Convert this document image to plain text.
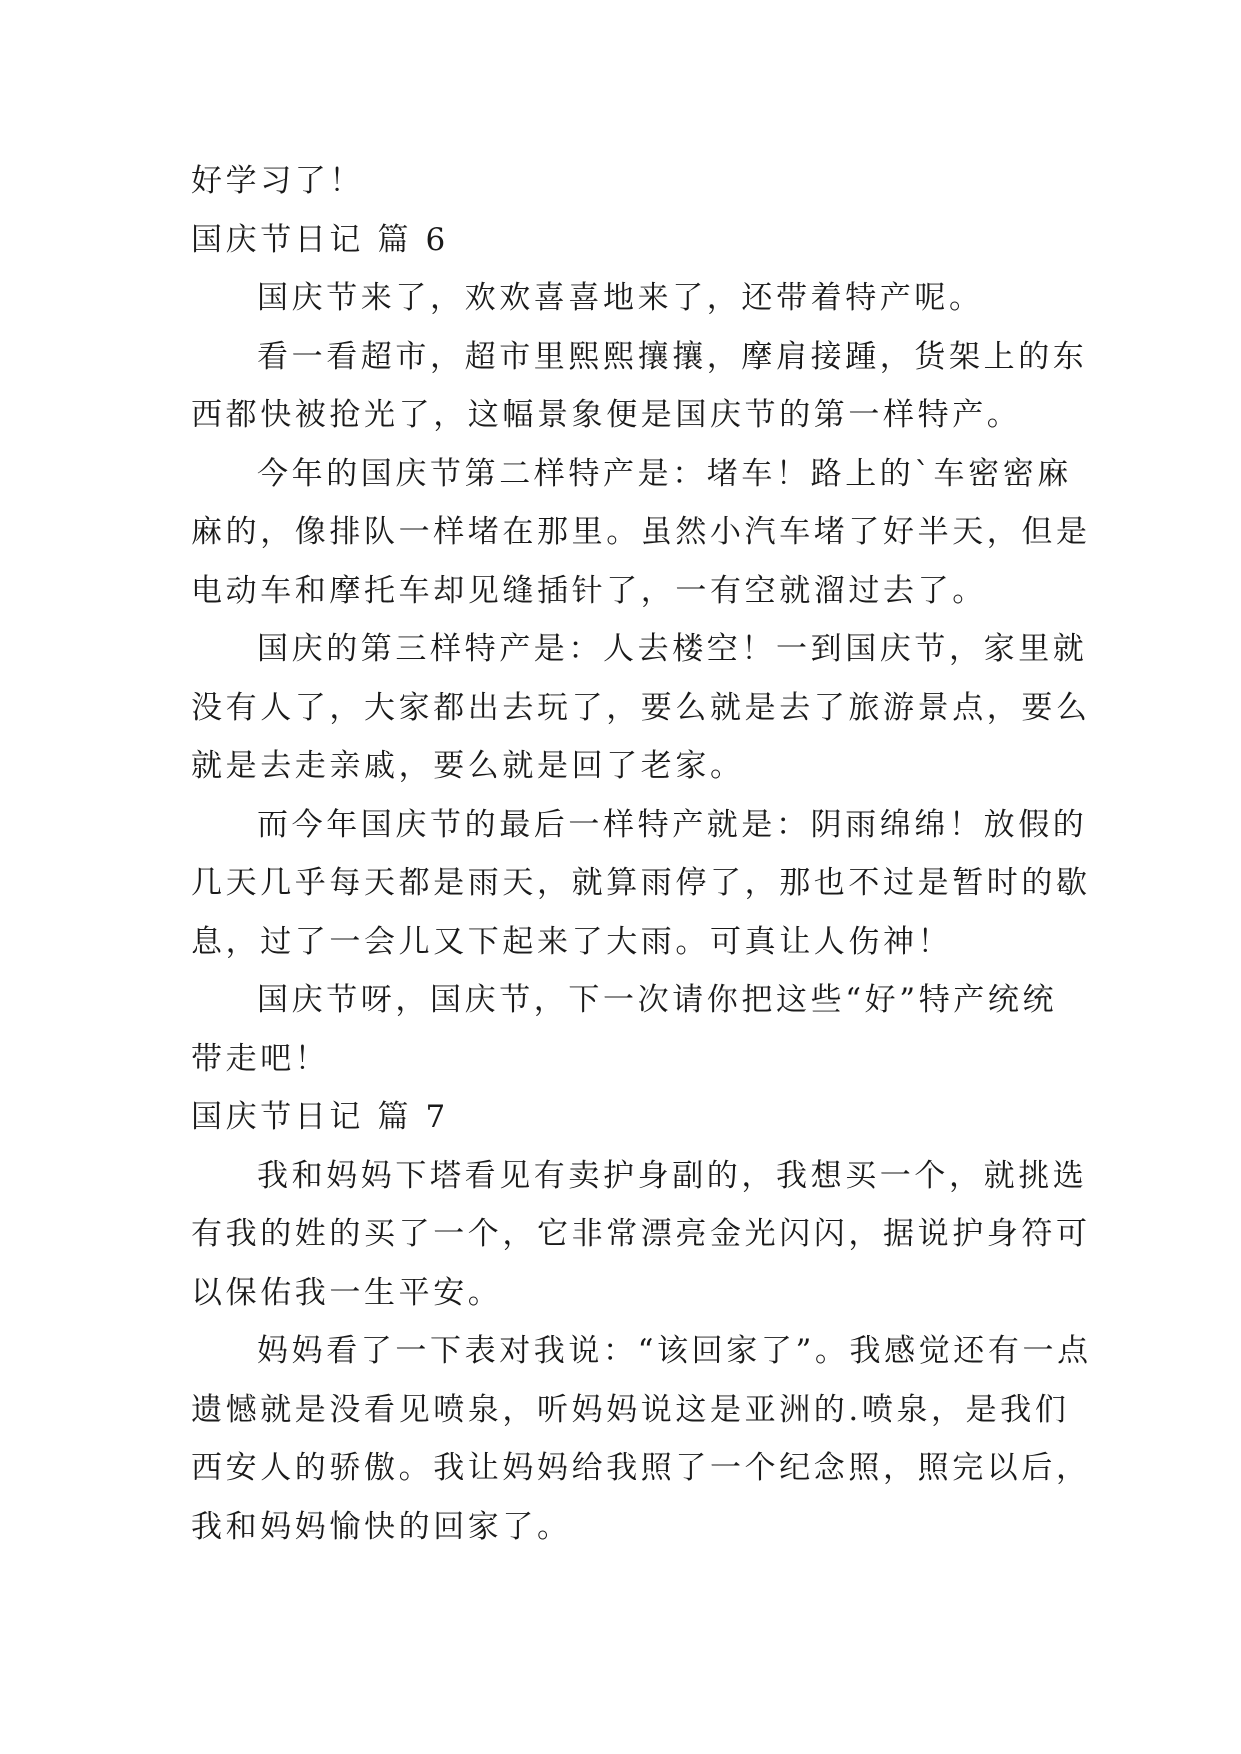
好学习了！

国庆节日记 篇 6

国庆节来了，欢欢喜喜地来了，还带着特产呢。

看一看超市，超市里熙熙攘攘，摩肩接踵，货架上的东

西都快被抢光了，这幅景象便是国庆节的第一样特产。

今年的国庆节第二样特产是：堵车！路上的`车密密麻

麻的，像排队一样堵在那里。虽然小汽车堵了好半天，但是

电动车和摩托车却见缝插针了，一有空就溜过去了。

国庆的第三样特产是：人去楼空！一到国庆节，家里就

没有人了，大家都出去玩了，要么就是去了旅游景点，要么

就是去走亲戚，要么就是回了老家。

而今年国庆节的最后一样特产就是：阴雨绵绵！放假的

几天几乎每天都是雨天，就算雨停了，那也不过是暂时的歇

息，过了一会儿又下起来了大雨。可真让人伤神！

国庆节呀，国庆节，下一次请你把这些“好”特产统统

带走吧！

国庆节日记 篇 7

我和妈妈下塔看见有卖护身副的，我想买一个，就挑选

有我的姓的买了一个，它非常漂亮金光闪闪，据说护身符可

以保佑我一生平安。

妈妈看了一下表对我说：“该回家了”。我感觉还有一点

遗憾就是没看见喷泉，听妈妈说这是亚洲的.喷泉，是我们

西安人的骄傲。我让妈妈给我照了一个纪念照，照完以后，

我和妈妈愉快的回家了。
